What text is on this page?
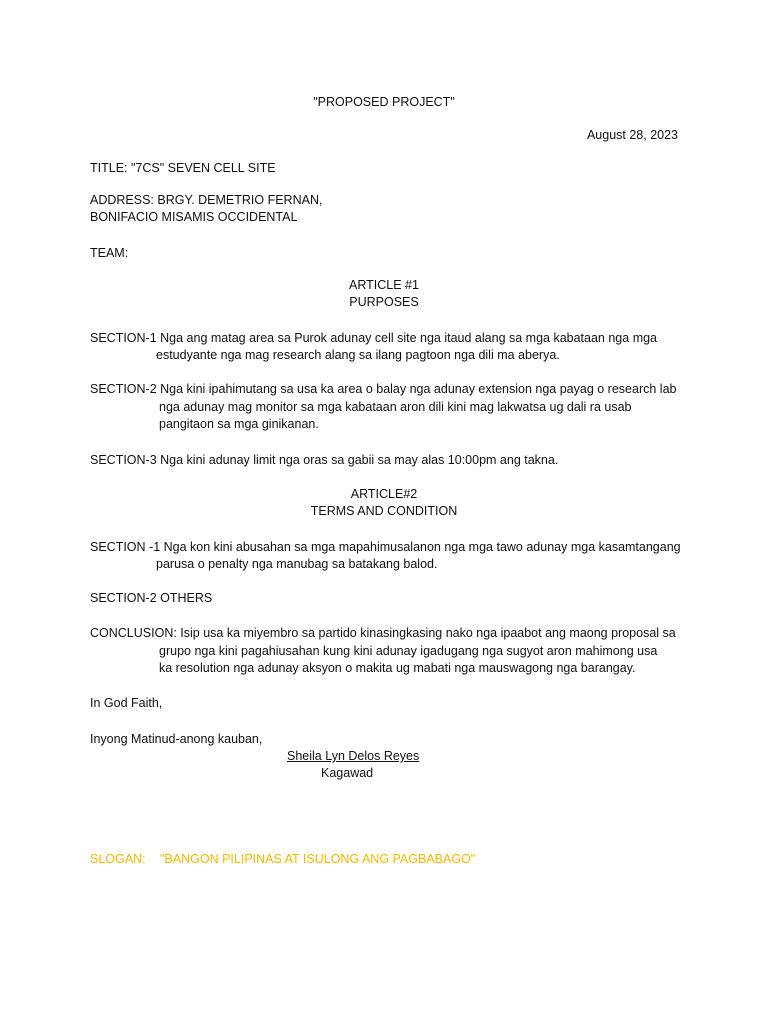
"PROPOSED PROJECT"
August 28, 2023
TITLE: "7CS" SEVEN CELL SITE
ADDRESS: BRGY. DEMETRIO FERNAN,
BONIFACIO MISAMIS OCCIDENTAL
TEAM:
ARTICLE #1
PURPOSES
SECTION-1 Nga ang matag area sa Purok adunay cell site nga itaud alang sa mga kabataan nga mga
estudyante nga mag research alang sa ilang pagtoon nga dili ma aberya.
SECTION-2 Nga kini ipahimutang sa usa ka area o balay nga adunay extension nga payag o research lab
nga adunay mag monitor sa mga kabataan aron dili kini mag lakwatsa ug dali ra usab
pangitaon sa mga ginikanan.
SECTION-3 Nga kini adunay limit nga oras sa gabii sa may alas 10:00pm ang takna.
ARTICLE#2
TERMS AND CONDITION
SECTION -1 Nga kon kini abusahan sa mga mapahimusalanon nga mga tawo adunay mga kasamtangang
parusa o penalty nga manubag sa batakang balod.
SECTION-2 OTHERS
CONCLUSION: Isip usa ka miyembro sa partido kinasingkasing nako nga ipaabot ang maong proposal sa
grupo nga kini pagahiusahan kung kini adunay igadugang nga sugyot aron mahimong usa
ka resolution nga adunay aksyon o makita ug mabati nga mauswagong nga barangay.
In God Faith,
Inyong Matinud-anong kauban,
Sheila Lyn Delos Reyes
Kagawad
SLOGAN: "BANGON PILIPINAS AT ISULONG ANG PAGBABAGO"
